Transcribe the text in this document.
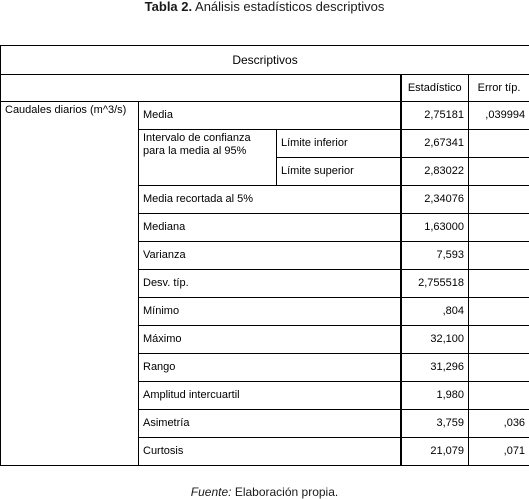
Tabla 2. Análisis estadísticos descriptivos
Descriptivos				
			Estadístico	Error típ.
Caudales diarios (m^3/s)	Media		2,75181	,039994
	Intervalo de confianza para la media al 95%	Límite inferior	2,67341	
		Límite superior	2,83022	
	Media recortada al 5%		2,34076	
	Mediana		1,63000	
	Varianza		7,593	
	Desv. típ.		2,755518	
	Mínimo		,804	
	Máximo		32,100	
	Rango		31,296	
	Amplitud intercuartil		1,980	
	Asimetría		3,759	,036
	Curtosis		21,079	,071
Fuente: Elaboración propia.
